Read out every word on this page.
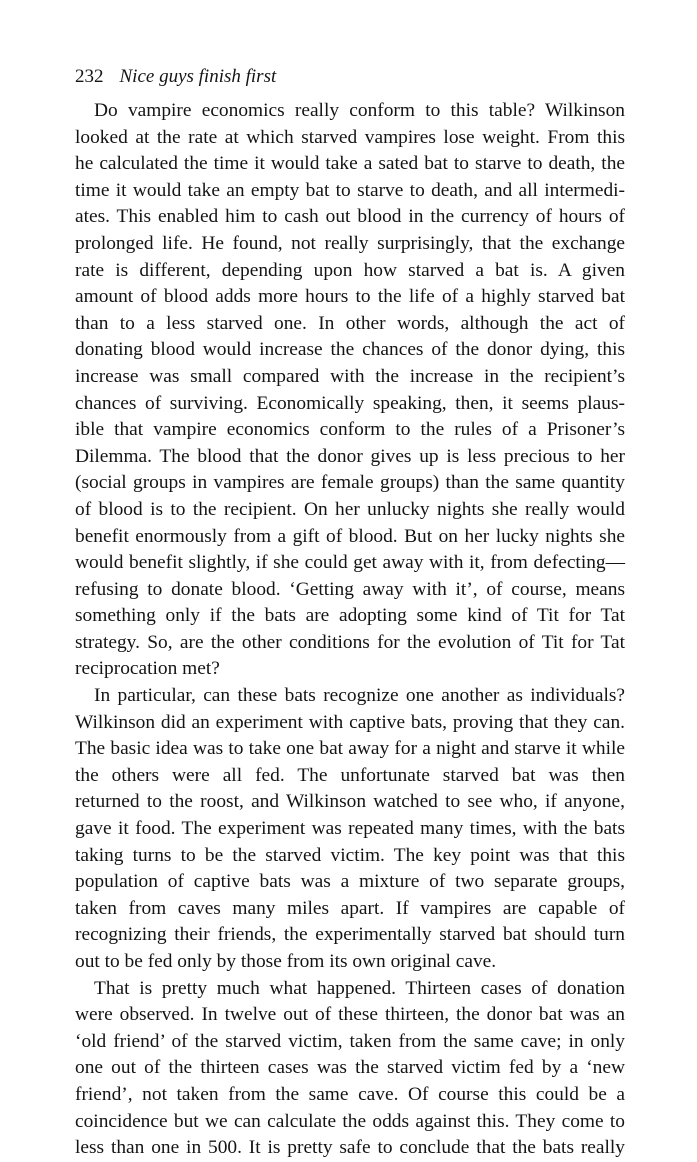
232 Nice guys finish first
Do vampire economics really conform to this table? Wilkinson
looked at the rate at which starved vampires lose weight. From this
he calculated the time it would take a sated bat to starve to death, the
time it would take an empty bat to starve to death, and all intermedi-
ates. This enabled him to cash out blood in the currency of hours of
prolonged life. He found, not really surprisingly, that the exchange
rate is different, depending upon how starved a bat is. A given
amount of blood adds more hours to the life of a highly starved bat
than to a less starved one. In other words, although the act of
donating blood would increase the chances of the donor dying, this
increase was small compared with the increase in the recipient’s
chances of surviving. Economically speaking, then, it seems plaus-
ible that vampire economics conform to the rules of a Prisoner’s
Dilemma. The blood that the donor gives up is less precious to her
(social groups in vampires are female groups) than the same quantity
of blood is to the recipient. On her unlucky nights she really would
benefit enormously from a gift of blood. But on her lucky nights she
would benefit slightly, if she could get away with it, from defecting—
refusing to donate blood. ‘Getting away with it’, of course, means
something only if the bats are adopting some kind of Tit for Tat
strategy. So, are the other conditions for the evolution of Tit for Tat
reciprocation met?
In particular, can these bats recognize one another as individuals?
Wilkinson did an experiment with captive bats, proving that they can.
The basic idea was to take one bat away for a night and starve it while
the others were all fed. The unfortunate starved bat was then
returned to the roost, and Wilkinson watched to see who, if anyone,
gave it food. The experiment was repeated many times, with the bats
taking turns to be the starved victim. The key point was that this
population of captive bats was a mixture of two separate groups,
taken from caves many miles apart. If vampires are capable of
recognizing their friends, the experimentally starved bat should turn
out to be fed only by those from its own original cave.
That is pretty much what happened. Thirteen cases of donation
were observed. In twelve out of these thirteen, the donor bat was an
‘old friend’ of the starved victim, taken from the same cave; in only
one out of the thirteen cases was the starved victim fed by a ‘new
friend’, not taken from the same cave. Of course this could be a
coincidence but we can calculate the odds against this. They come to
less than one in 500. It is pretty safe to conclude that the bats really
